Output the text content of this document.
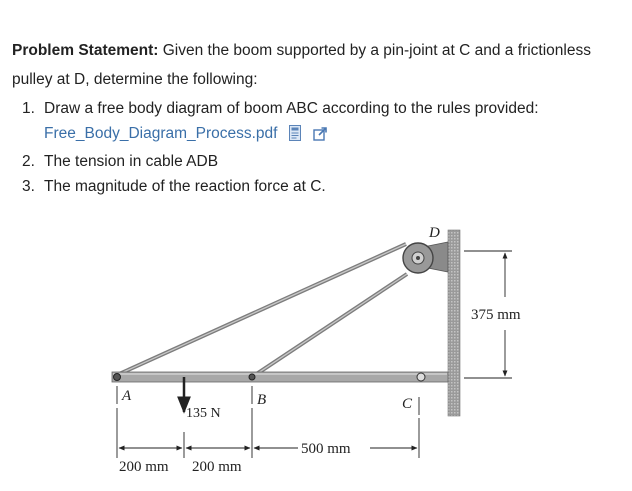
Problem Statement: Given the boom supported by a pin-joint at C and a frictionless pulley at D, determine the following:

1. Draw a free body diagram of boom ABC according to the rules provided:
Free_Body_Diagram_Process.pdf
2. The tension in cable ADB
3. The magnitude of the reaction force at C.
A	B	C
D
135 N
200 mm 200 mm
500 mm
375 mm
